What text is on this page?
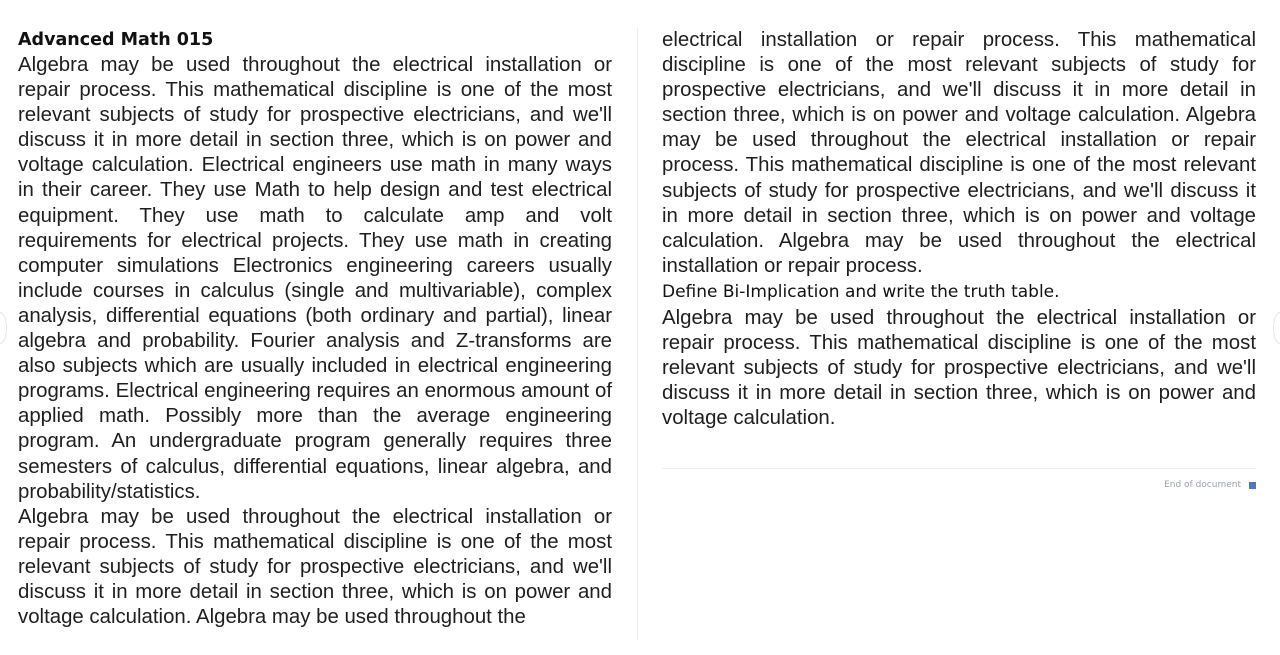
Advanced Math 015

Algebra may be used throughout the electrical installation or repair process. This mathematical discipline is one of the most relevant subjects of study for prospective electricians, and we'll discuss it in more detail in section three, which is on power and voltage calculation. Electrical engineers use math in many ways in their career. They use Math to help design and test electrical equipment. They use math to calculate amp and volt requirements for electrical projects. They use math in creating computer simulations Electronics engineering careers usually include courses in calculus (single and multivariable), complex analysis, differential equations (both ordinary and partial), linear algebra and probability. Fourier analysis and Z-transforms are also subjects which are usually included in electrical engineering programs. Electrical engineering requires an enormous amount of applied math. Possibly more than the average engineering program. An undergraduate program generally requires three semesters of calculus, differential equations, linear algebra, and probability/statistics.

Algebra may be used throughout the electrical installation or repair process. This mathematical discipline is one of the most relevant subjects of study for prospective electricians, and we'll discuss it in more detail in section three, which is on power and voltage calculation. Algebra may be used throughout the

electrical installation or repair process. This mathematical discipline is one of the most relevant subjects of study for prospective electricians, and we'll discuss it in more detail in section three, which is on power and voltage calculation. Algebra may be used throughout the electrical installation or repair process. This mathematical discipline is one of the most relevant subjects of study for prospective electricians, and we'll discuss it in more detail in section three, which is on power and voltage calculation. Algebra may be used throughout the electrical installation or repair process.

Define Bi-Implication and write the truth table.

Algebra may be used throughout the electrical installation or repair process. This mathematical discipline is one of the most relevant subjects of study for prospective electricians, and we'll discuss it in more detail in section three, which is on power and voltage calculation.

End of document
